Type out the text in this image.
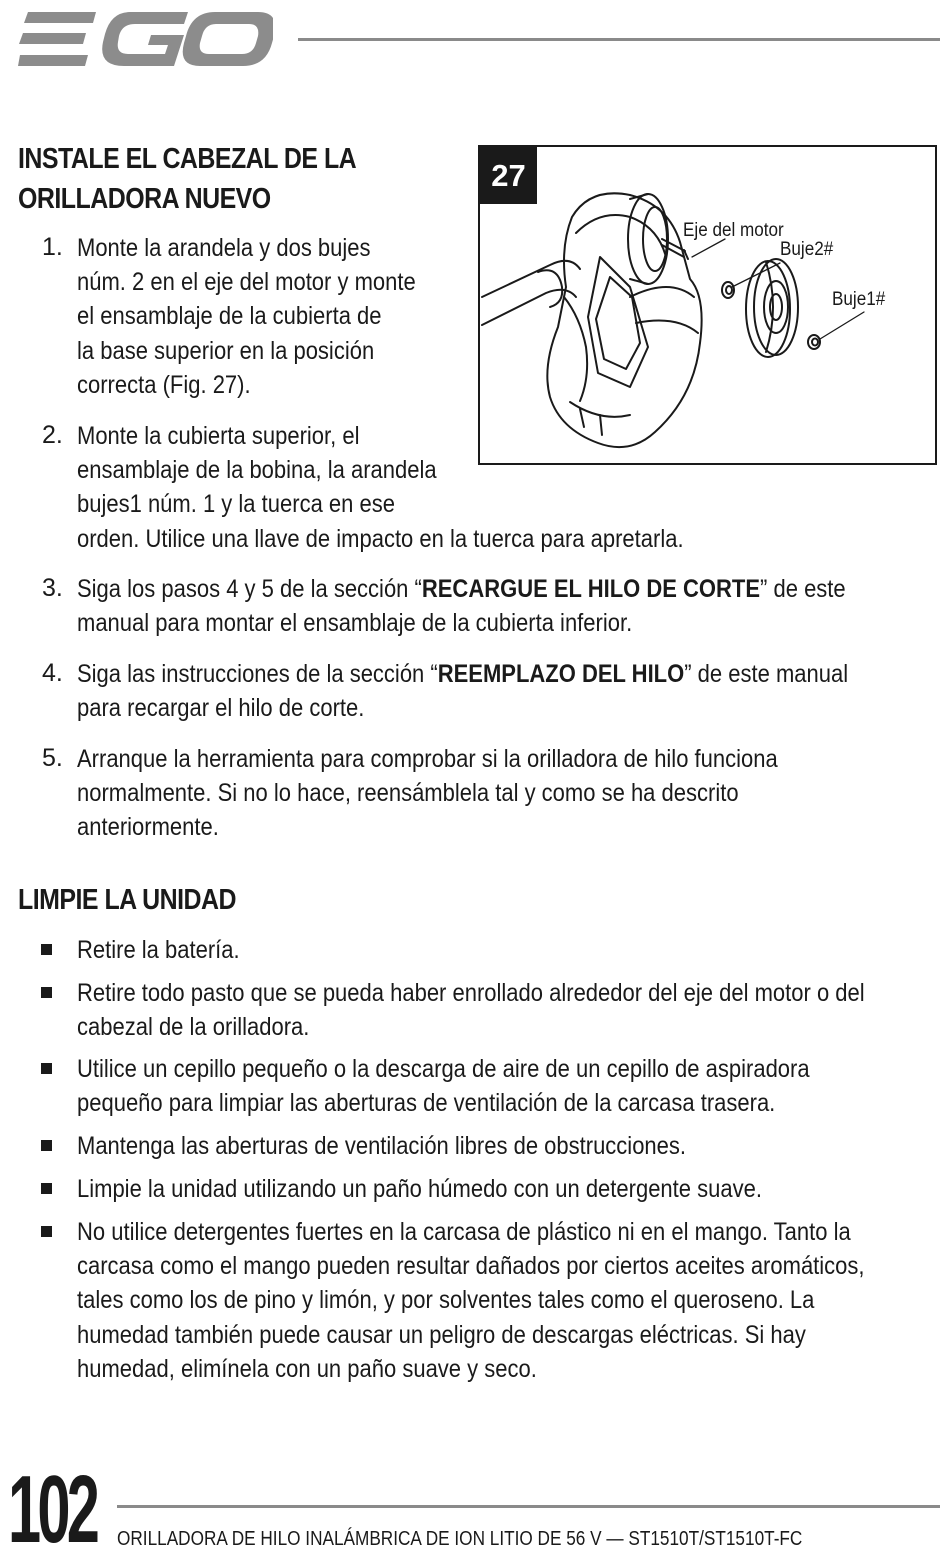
INSTALE EL CABEZAL DE LA
ORILLADORA NUEVO
1. Monte la arandela y dos bujes
núm. 2 en el eje del motor y monte
el ensamblaje de la cubierta de
la base superior en la posición
correcta (Fig. 27).
2. Monte la cubierta superior, el
ensamblaje de la bobina, la arandela
bujes1 núm. 1 y la tuerca en ese
orden. Utilice una llave de impacto en la tuerca para apretarla.
3. Siga los pasos 4 y 5 de la sección “RECARGUE EL HILO DE CORTE” de este
manual para montar el ensamblaje de la cubierta inferior.
4. Siga las instrucciones de la sección “REEMPLAZO DEL HILO” de este manual
para recargar el hilo de corte.
5. Arranque la herramienta para comprobar si la orilladora de hilo funciona
normalmente. Si no lo hace, reensámblela tal y como se ha descrito
anteriormente.
27
Eje del motor
Buje2#
Buje1#
LIMPIE LA UNIDAD
Retire la batería.
Retire todo pasto que se pueda haber enrollado alrededor del eje del motor o del
cabezal de la orilladora.
Utilice un cepillo pequeño o la descarga de aire de un cepillo de aspiradora
pequeño para limpiar las aberturas de ventilación de la carcasa trasera.
Mantenga las aberturas de ventilación libres de obstrucciones.
Limpie la unidad utilizando un paño húmedo con un detergente suave.
No utilice detergentes fuertes en la carcasa de plástico ni en el mango. Tanto la
carcasa como el mango pueden resultar dañados por ciertos aceites aromáticos,
tales como los de pino y limón, y por solventes tales como el queroseno. La
humedad también puede causar un peligro de descargas eléctricas. Si hay
humedad, elimínela con un paño suave y seco.
102 ORILLADORA DE HILO INALÁMBRICA DE ION LITIO DE 56 V — ST1510T/ST1510T-FC
